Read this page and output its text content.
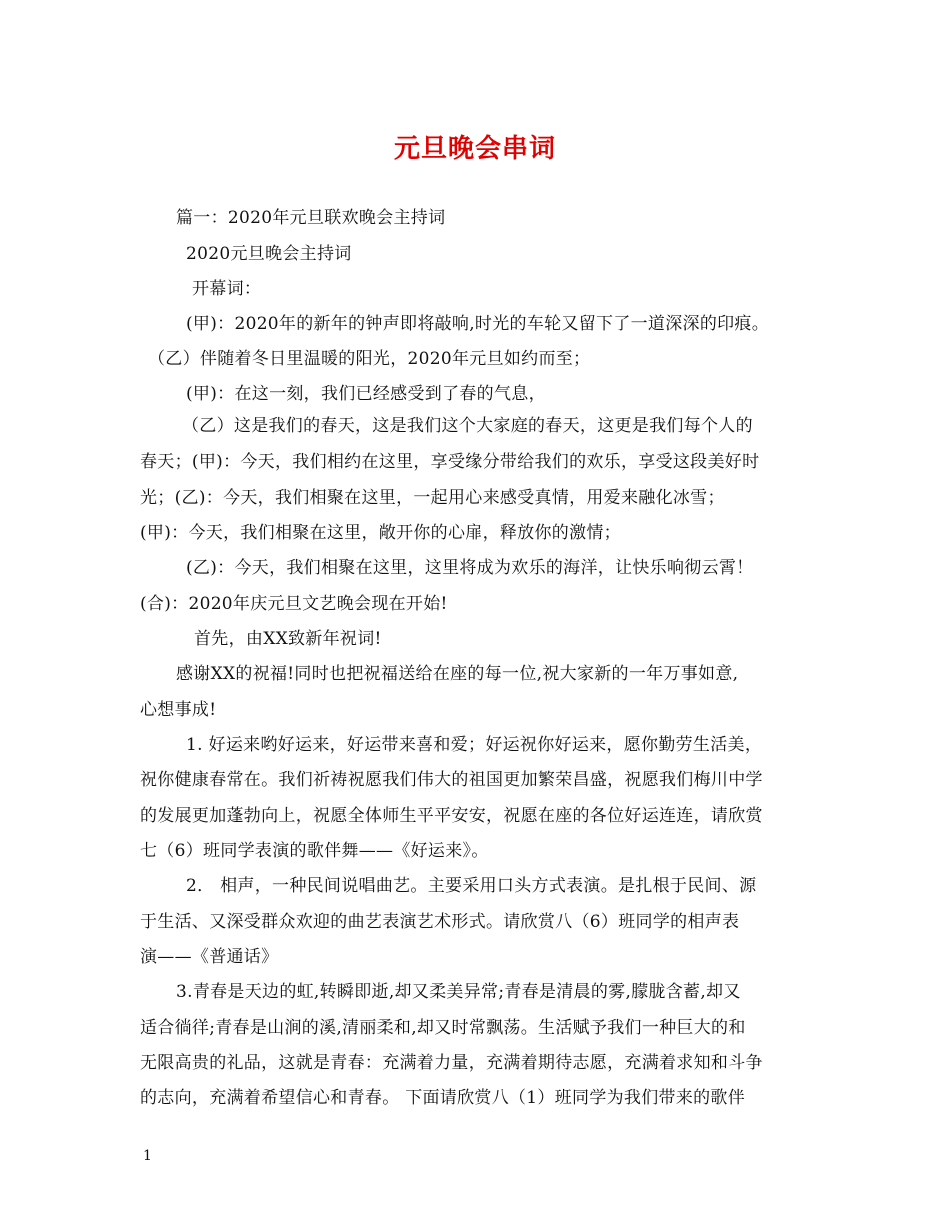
元旦晚会串词
篇一：2020年元旦联欢晚会主持词
2020元旦晚会主持词
开幕词：
(甲)：2020年的新年的钟声即将敲响,时光的车轮又留下了一道深深的印痕。
（乙）伴随着冬日里温暖的阳光，2020年元旦如约而至；
(甲)：在这一刻，我们已经感受到了春的气息，
（乙）这是我们的春天，这是我们这个大家庭的春天，这更是我们每个人的
春天；(甲)：今天，我们相约在这里，享受缘分带给我们的欢乐，享受这段美好时
光；(乙)：今天，我们相聚在这里，一起用心来感受真情，用爱来融化冰雪；
(甲)：今天，我们相聚在这里，敞开你的心扉，释放你的激情；
(乙)：今天，我们相聚在这里，这里将成为欢乐的海洋，让快乐响彻云霄！
(合)：2020年庆元旦文艺晚会现在开始!
首先，由XX致新年祝词!
感谢XX的祝福!同时也把祝福送给在座的每一位,祝大家新的一年万事如意,
心想事成!
1. 好运来哟好运来，好运带来喜和爱；好运祝你好运来，愿你勤劳生活美，
祝你健康春常在。我们祈祷祝愿我们伟大的祖国更加繁荣昌盛，祝愿我们梅川中学
的发展更加蓬勃向上，祝愿全体师生平平安安，祝愿在座的各位好运连连，请欣赏
七（6）班同学表演的歌伴舞——《好运来》。
2． 相声，一种民间说唱曲艺。主要采用口头方式表演。是扎根于民间、源
于生活、又深受群众欢迎的曲艺表演艺术形式。请欣赏八（6）班同学的相声表
演——《普通话》
3.青春是天边的虹,转瞬即逝,却又柔美异常;青春是清晨的雾,朦胧含蓄,却又
适合徜徉;青春是山涧的溪,清丽柔和,却又时常飘荡。生活赋予我们一种巨大的和
无限高贵的礼品，这就是青春：充满着力量，充满着期待志愿，充满着求知和斗争
的志向，充满着希望信心和青春。 下面请欣赏八（1）班同学为我们带来的歌伴
1
